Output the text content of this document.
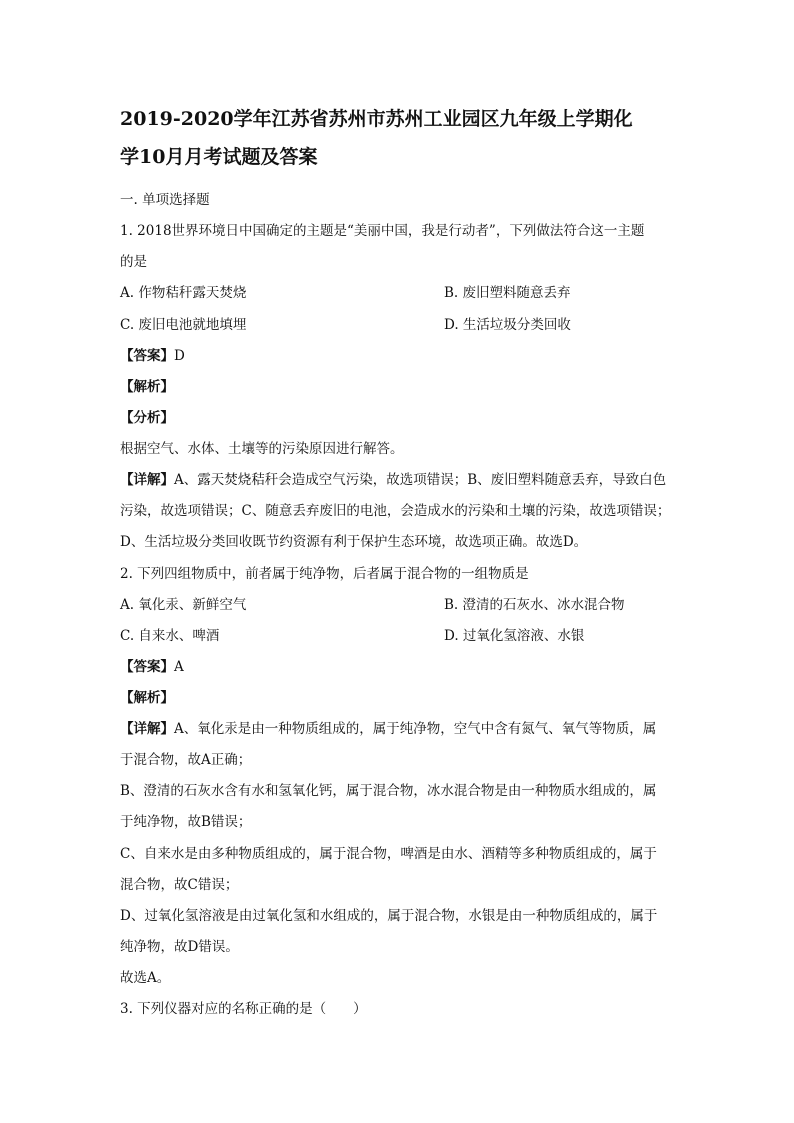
2019-2020学年江苏省苏州市苏州工业园区九年级上学期化
学10月月考试题及答案
一. 单项选择题
1. 2018世界环境日中国确定的主题是“美丽中国，我是行动者”，下列做法符合这一主题
的是
A. 作物秸秆露天焚烧	B. 废旧塑料随意丢弃
C. 废旧电池就地填埋	D. 生活垃圾分类回收
【答案】D
【解析】
【分析】
根据空气、水体、土壤等的污染原因进行解答。
【详解】A、露天焚烧秸秆会造成空气污染，故选项错误；B、废旧塑料随意丢弃，导致白色
污染，故选项错误；C、随意丢弃废旧的电池，会造成水的污染和土壤的污染，故选项错误；
D、生活垃圾分类回收既节约资源有利于保护生态环境，故选项正确。故选D。
2. 下列四组物质中，前者属于纯净物，后者属于混合物的一组物质是
A. 氧化汞、新鲜空气	B. 澄清的石灰水、冰水混合物
C. 自来水、啤酒	D. 过氧化氢溶液、水银
【答案】A
【解析】
【详解】A、氧化汞是由一种物质组成的，属于纯净物，空气中含有氮气、氧气等物质，属
于混合物，故A正确；
B、澄清的石灰水含有水和氢氧化钙，属于混合物，冰水混合物是由一种物质水组成的，属
于纯净物，故B错误；
C、自来水是由多种物质组成的，属于混合物，啤酒是由水、酒精等多种物质组成的，属于
混合物，故C错误；
D、过氧化氢溶液是由过氧化氢和水组成的，属于混合物，水银是由一种物质组成的，属于
纯净物，故D错误。
故选A。
3. 下列仪器对应的名称正确的是（　　）
